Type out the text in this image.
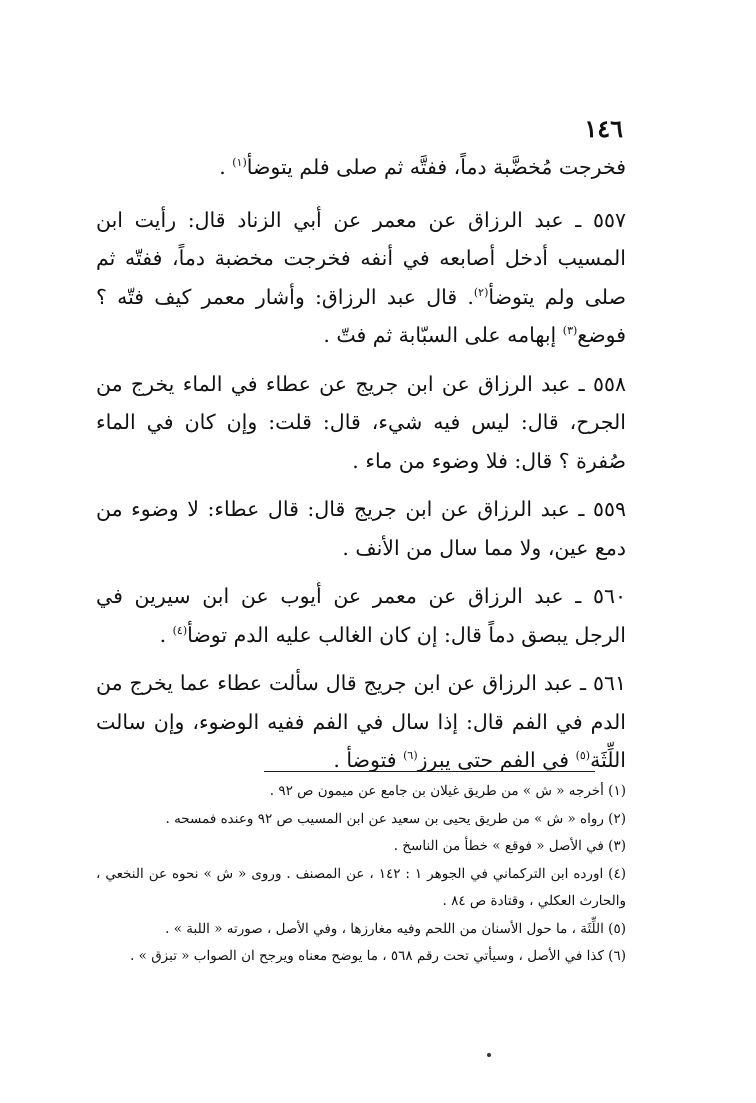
١٤٦

فخرجت مُخضَّبة دماً، ففتَّه ثم صلى فلم يتوضأ$^{(١)}$ .

٥٥٧ ـ عبد الرزاق عن معمر عن أبي الزناد قال: رأيت ابن المسيب أدخل أصابعه في أنفه فخرجت مخضبة دماً، ففتّه ثم صلى ولم يتوضأ$^{(٢)}$. قال عبد الرزاق: وأشار معمر كيف فتّه ؟ فوضع$^{(٣)}$ إبهامه على السبّابة ثم فتّ .

٥٥٨ ـ عبد الرزاق عن ابن جريج عن عطاء في الماء يخرج من الجرح، قال: ليس فيه شيء، قال: قلت: وإن كان في الماء صُفرة ؟ قال: فلا وضوء من ماء .

٥٥٩ ـ عبد الرزاق عن ابن جريج قال: قال عطاء: لا وضوء من دمع عين، ولا مما سال من الأنف .

٥٦٠ ـ عبد الرزاق عن معمر عن أيوب عن ابن سيرين في الرجل يبصق دماً قال: إن كان الغالب عليه الدم توضأ$^{(٤)}$ .

٥٦١ ـ عبد الرزاق عن ابن جريج قال سألت عطاء عما يخرج من الدم في الفم قال: إذا سال في الفم ففيه الوضوء، وإن سالت اللِّثَة$^{(٥)}$ في الفم حتى يبرز$^{(٦)}$ فتوضأ .

(١) أخرجه « ش » من طريق غيلان بن جامع عن ميمون ص ٩٢ .

(٢) رواه « ش » من طريق يحيى بن سعيد عن ابن المسيب ص ٩٢ وعنده فمسحه .

(٣) في الأصل « فوقع » خطأ من الناسخ .

(٤) اورده ابن التركماني في الجوهر ١ : ١٤٢ ، عن المصنف . وروى « ش » نحوه عن النخعي ، والحارث العكلي ، وقتادة ص ٨٤ .

(٥) اللِّثَة ، ما حول الأسنان من اللحم وفيه مغارزها ، وفي الأصل ، صورته « اللبة » .

(٦) كذا في الأصل ، وسيأتي تحت رقم ٥٦٨ ، ما يوضح معناه ويرجح ان الصواب « تبزق » .
